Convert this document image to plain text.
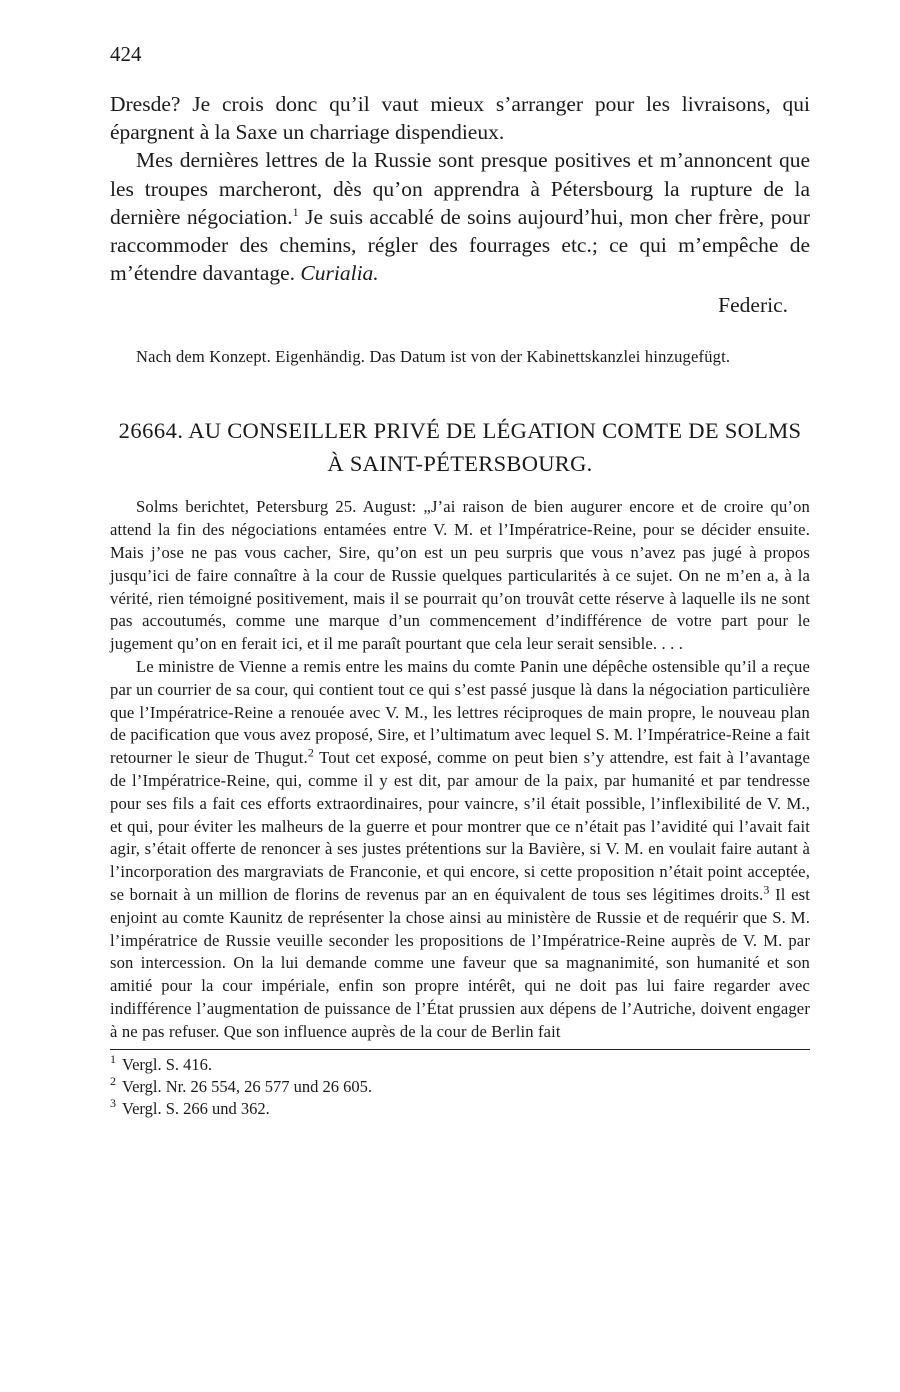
424

Dresde? Je crois donc qu’il vaut mieux s’arranger pour les livraisons, qui épargnent à la Saxe un charriage dispendieux.

Mes dernières lettres de la Russie sont presque positives et m’annoncent que les troupes marcheront, dès qu’on apprendra à Pétersbourg la rupture de la dernière négociation.$^1$ Je suis accablé de soins aujourd’hui, mon cher frère, pour raccommoder des chemins, régler des fourrages etc.; ce qui m’empêche de m’étendre davantage. Curialia.

Federic.

Nach dem Konzept. Eigenhändig. Das Datum ist von der Kabinettskanzlei hinzugefügt.

26664. AU CONSEILLER PRIVÉ DE LÉGATION COMTE DE SOLMS À SAINT-PÉTERSBOURG.

Solms berichtet, Petersburg 25. August: „J’ai raison de bien augurer encore et de croire qu’on attend la fin des négociations entamées entre V. M. et l’Impératrice-Reine, pour se décider ensuite. Mais j’ose ne pas vous cacher, Sire, qu’on est un peu surpris que vous n’avez pas jugé à propos jusqu’ici de faire connaître à la cour de Russie quelques particularités à ce sujet. On ne m’en a, à la vérité, rien témoigné positivement, mais il se pourrait qu’on trouvât cette réserve à laquelle ils ne sont pas accoutumés, comme une marque d’un commencement d’indifférence de votre part pour le jugement qu’on en ferait ici, et il me paraît pourtant que cela leur serait sensible. . . .

Le ministre de Vienne a remis entre les mains du comte Panin une dépêche ostensible qu’il a reçue par un courrier de sa cour, qui contient tout ce qui s’est passé jusque là dans la négociation particulière que l’Impératrice-Reine a renouée avec V. M., les lettres réciproques de main propre, le nouveau plan de pacification que vous avez proposé, Sire, et l’ultimatum avec lequel S. M. l’Impératrice-Reine a fait retourner le sieur de Thugut.$^2$ Tout cet exposé, comme on peut bien s’y attendre, est fait à l’avantage de l’Impératrice-Reine, qui, comme il y est dit, par amour de la paix, par humanité et par tendresse pour ses fils a fait ces efforts extraordinaires, pour vaincre, s’il était possible, l’inflexibilité de V. M., et qui, pour éviter les malheurs de la guerre et pour montrer que ce n’était pas l’avidité qui l’avait fait agir, s’était offerte de renoncer à ses justes prétentions sur la Bavière, si V. M. en voulait faire autant à l’incorporation des margraviats de Franconie, et qui encore, si cette proposition n’était point acceptée, se bornait à un million de florins de revenus par an en équivalent de tous ses légitimes droits.$^3$ Il est enjoint au comte Kaunitz de représenter la chose ainsi au ministère de Russie et de requérir que S. M. l’impératrice de Russie veuille seconder les propositions de l’Impératrice-Reine auprès de V. M. par son intercession. On la lui demande comme une faveur que sa magnanimité, son humanité et son amitié pour la cour impériale, enfin son propre intérêt, qui ne doit pas lui faire regarder avec indifférence l’augmentation de puissance de l’État prussien aux dépens de l’Autriche, doivent engager à ne pas refuser. Que son influence auprès de la cour de Berlin fait

$^1$ Vergl. S. 416.

$^2$ Vergl. Nr. 26 554, 26 577 und 26 605.

$^3$ Vergl. S. 266 und 362.
